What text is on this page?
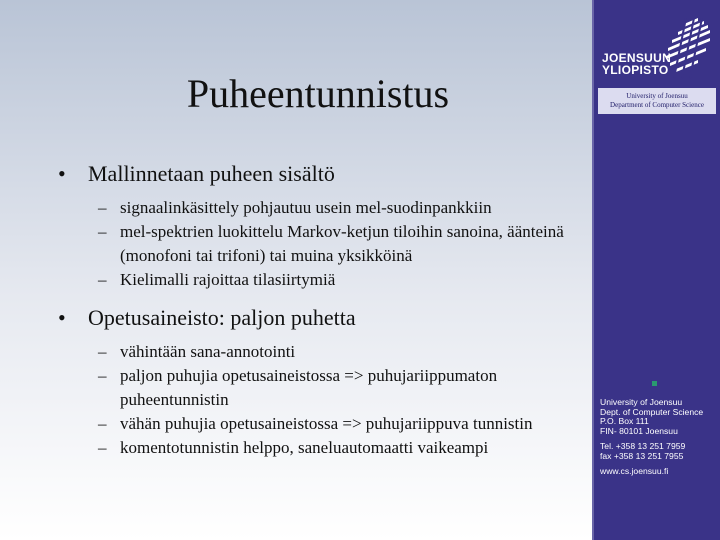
Puheentunnistus

• Mallinnetaan puheen sisältö

– signaalinkäsittely pohjautuu usein mel-suodinpankkiin
– mel-spektrien luokittelu Markov-ketjun tiloihin sanoina, äänteinä (monofoni tai trifoni) tai muina yksikköinä
– Kielimalli rajoittaa tilasiirtymiä

• Opetusaineisto: paljon puhetta

– vähintään sana-annotointi
– paljon puhujia opetusaineistossa => puhujariippumaton puheentunnistin
– vähän puhujia opetusaineistossa => puhujariippuva tunnistin
– komentotunnistin helppo, saneluautomaatti vaikeampi
JOENSUUN
YLIOPISTO
University of Joensuu
Department of Computer Science
University of Joensuu
Dept. of Computer Science
P.O. Box 111
FIN- 80101 Joensuu
Tel. +358 13 251 7959
fax +358 13 251 7955
www.cs.joensuu.fi
